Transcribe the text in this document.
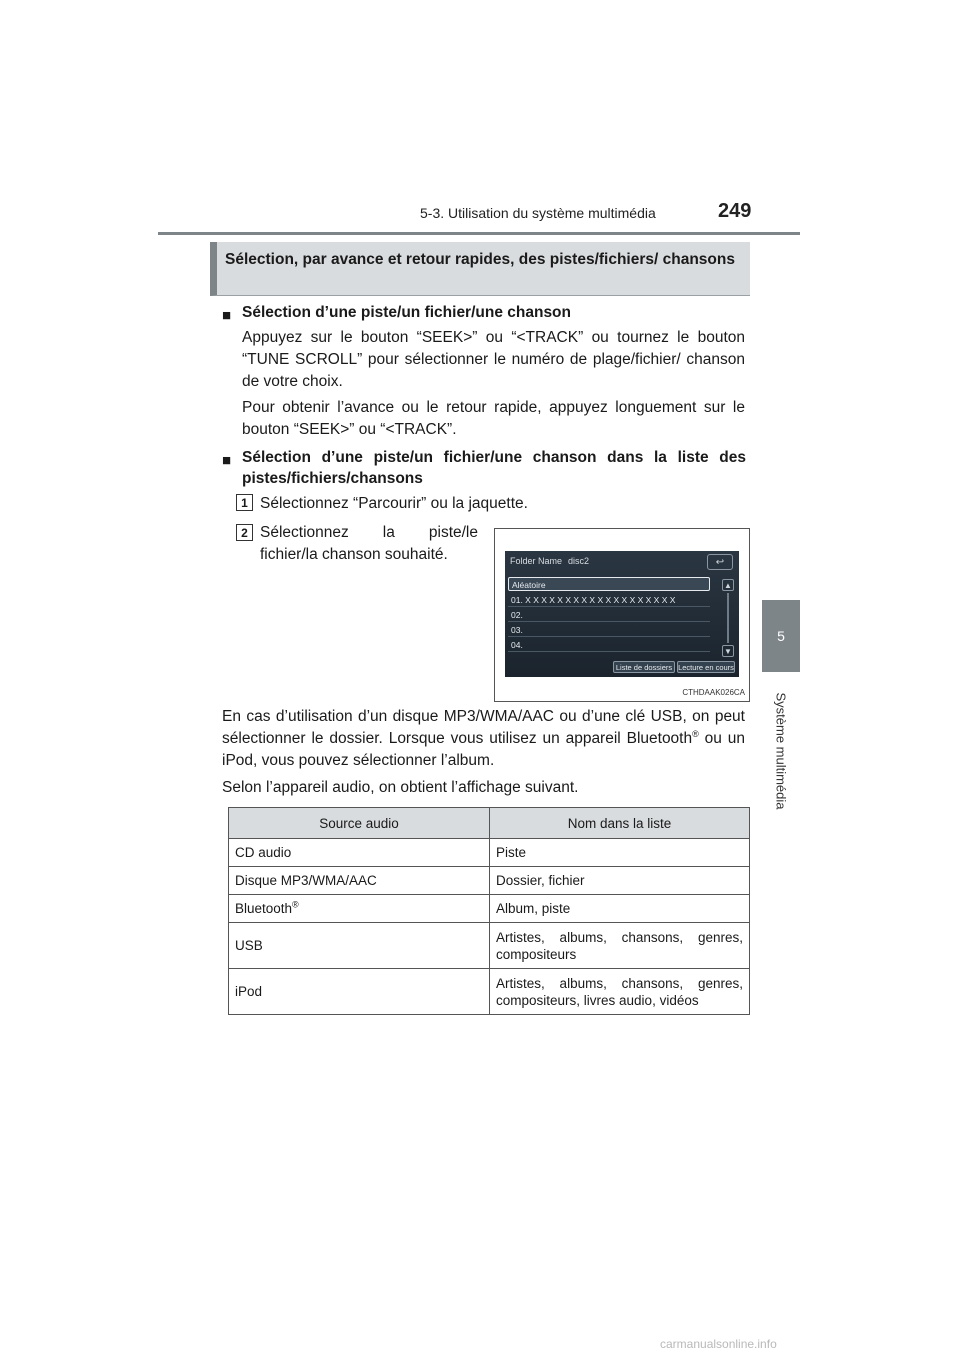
5-3. Utilisation du système multimédia	249
5
Système multimédia
Sélection, par avance et retour rapides, des pistes/fichiers/ chansons
■ Sélection d’une piste/un fichier/une chanson
Appuyez sur le bouton “SEEK>” ou “<TRACK” ou tournez le bouton “TUNE SCROLL” pour sélectionner le numéro de plage/fichier/ chanson de votre choix.
Pour obtenir l’avance ou le retour rapide, appuyez longuement sur le bouton “SEEK>” ou “<TRACK”.
■ Sélection d’une piste/un fichier/une chanson dans la liste des pistes/fichiers/chansons
1 Sélectionnez “Parcourir” ou la jaquette.
2 Sélectionnez la piste/le
fichier/la chanson souhaité.	Folder Name disc2	↩
Aléatoire
01. X X X X X X X X X X X X X X X X X X X
02.
03.
04.
▲
▼
Liste de dossiers Lecture en cours
CTHDAAK026CA
En cas d’utilisation d’un disque MP3/WMA/AAC ou d’une clé USB, on peut sélectionner le dossier. Lorsque vous utilisez un appareil Bluetooth® ou un iPod, vous pouvez sélectionner l’album.
Selon l’appareil audio, on obtient l’affichage suivant.
Source audio	Nom dans la liste
CD audio	Piste
Disque MP3/WMA/AAC	Dossier, fichier
Bluetooth®	Album, piste
USB	Artistes, albums, chansons, genres, compositeurs
iPod	Artistes, albums, chansons, genres, compositeurs, livres audio, vidéos
carmanualsonline.info
